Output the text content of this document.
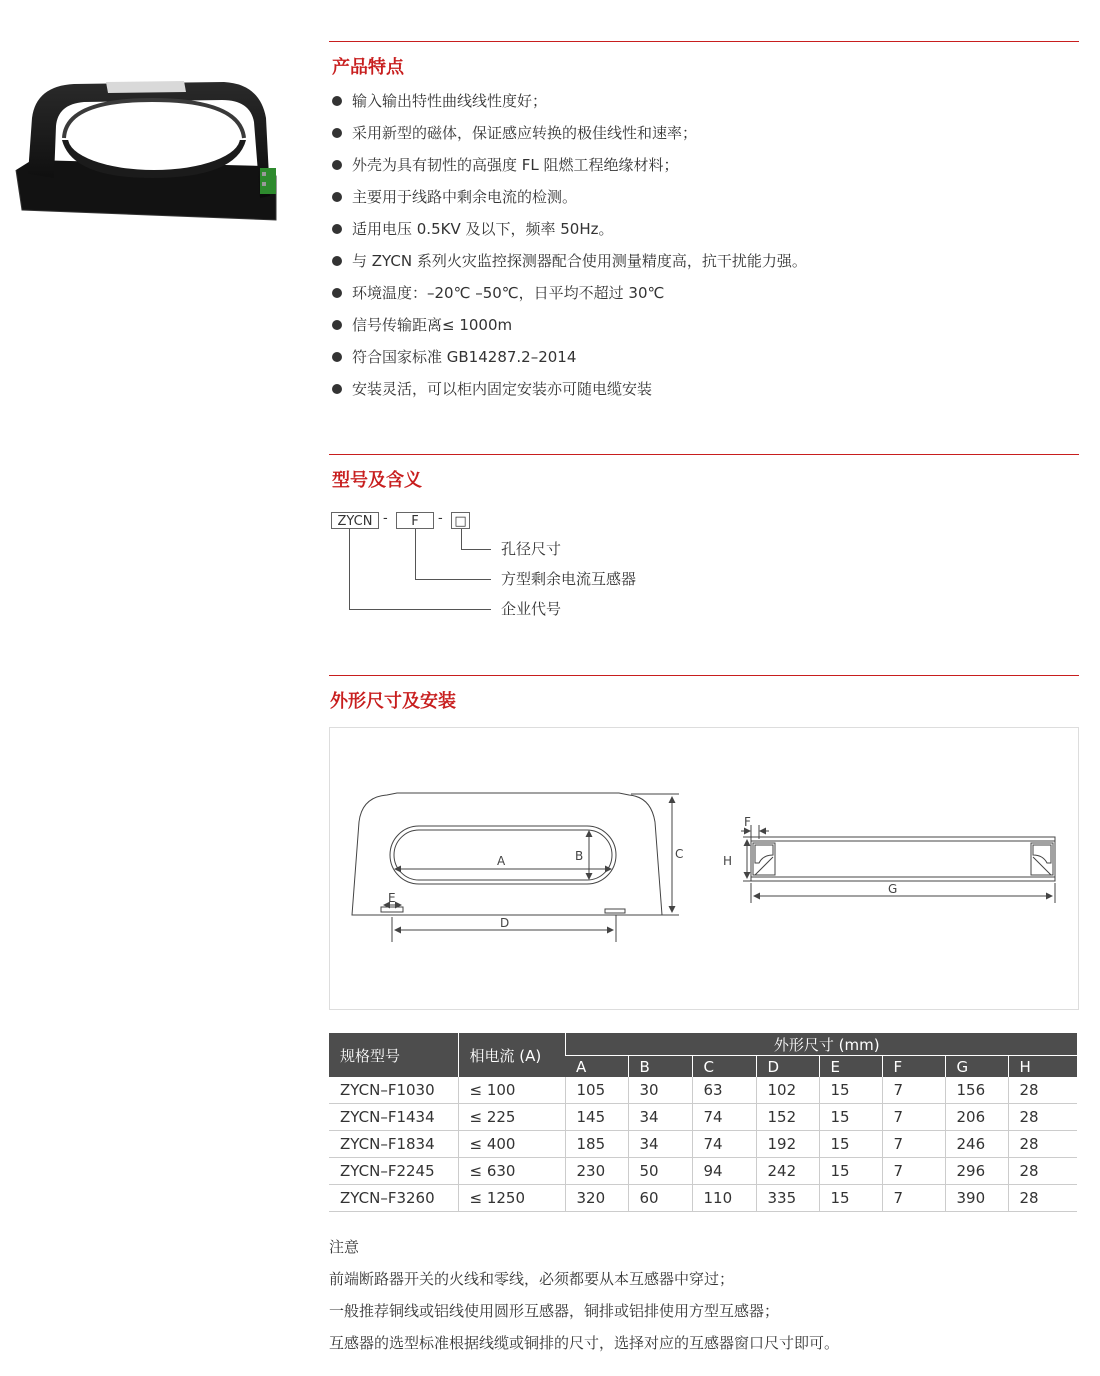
产品特点
输入输出特性曲线线性度好；
采用新型的磁体，保证感应转换的极佳线性和速率；
外壳为具有韧性的高强度 FL 阻燃工程绝缘材料；
主要用于线路中剩余电流的检测。
适用电压 0.5KV 及以下，频率 50Hz。
与 ZYCN 系列火灾监控探测器配合使用测量精度高，抗干扰能力强。
环境温度：–20℃ –50℃，日平均不超过 30℃
信号传输距离≤ 1000m
符合国家标准 GB14287.2–2014
安装灵活，可以柜内固定安装亦可随电缆安装
型号及含义
ZYCN -	F	- □
孔径尺寸
方型剩余电流互感器
企业代号
外形尺寸及安装
A	B	C
D
E
F
H
G
规格型号	相电流 (A)	外形尺寸 (mm)							
		A	B	C	D	E	F	G	H
ZYCN–F1030	≤ 100	105	30	63	102	15	7	156	28
ZYCN–F1434	≤ 225	145	34	74	152	15	7	206	28
ZYCN–F1834	≤ 400	185	34	74	192	15	7	246	28
ZYCN–F2245	≤ 630	230	50	94	242	15	7	296	28
ZYCN–F3260	≤ 1250	320	60	110	335	15	7	390	28
注意
前端断路器开关的火线和零线，必须都要从本互感器中穿过；
一般推荐铜线或铝线使用圆形互感器，铜排或铝排使用方型互感器；
互感器的选型标准根据线缆或铜排的尺寸，选择对应的互感器窗口尺寸即可。
